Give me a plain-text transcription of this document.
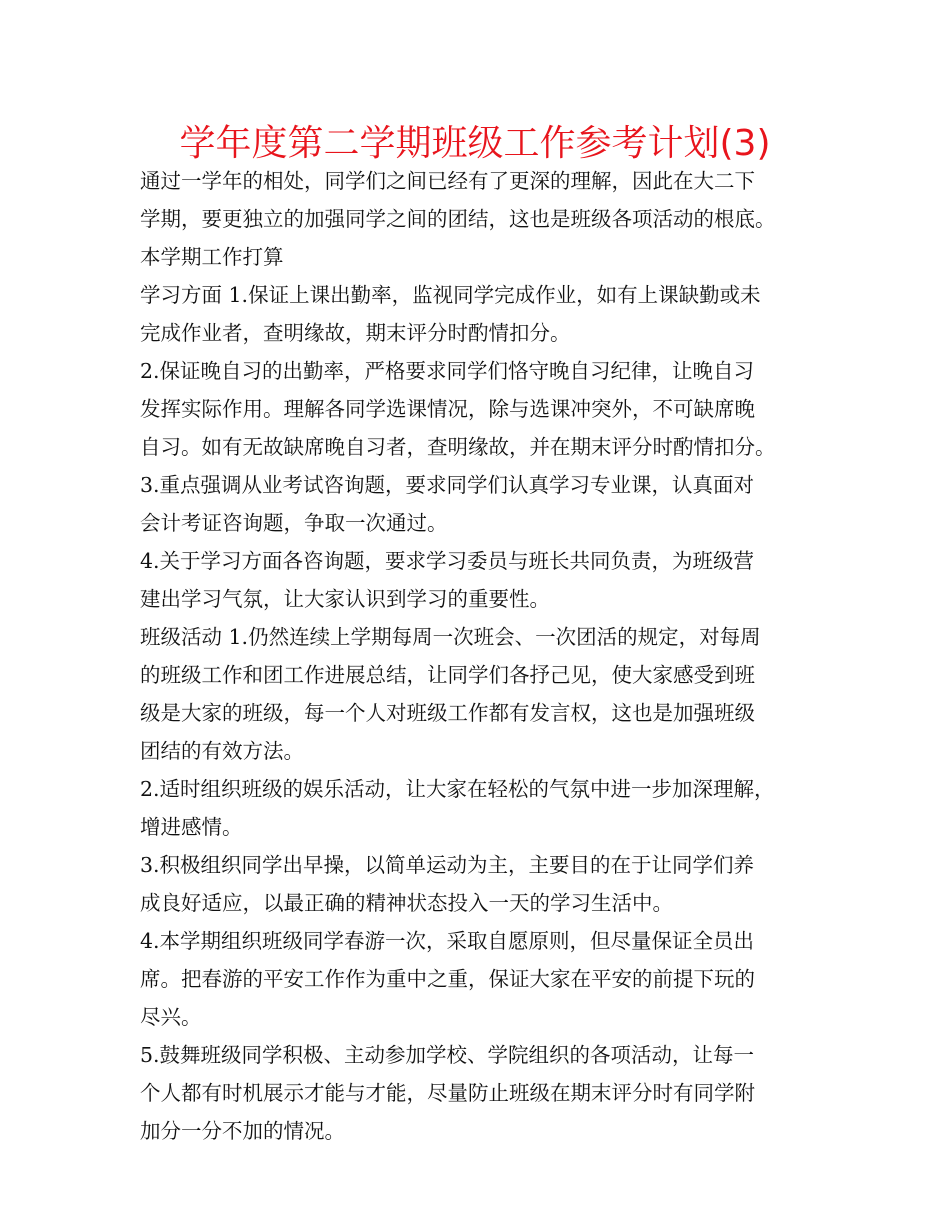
学年度第二学期班级工作参考计划(3)
通过一学年的相处，同学们之间已经有了更深的理解，因此在大二下
学期，要更独立的加强同学之间的团结，这也是班级各项活动的根底。
本学期工作打算
学习方面 1.保证上课出勤率，监视同学完成作业，如有上课缺勤或未
完成作业者，查明缘故，期末评分时酌情扣分。
2.保证晚自习的出勤率，严格要求同学们恪守晚自习纪律，让晚自习
发挥实际作用。理解各同学选课情况，除与选课冲突外，不可缺席晚
自习。如有无故缺席晚自习者，查明缘故，并在期末评分时酌情扣分。
3.重点强调从业考试咨询题，要求同学们认真学习专业课，认真面对
会计考证咨询题，争取一次通过。
4.关于学习方面各咨询题，要求学习委员与班长共同负责，为班级营
建出学习气氛，让大家认识到学习的重要性。
班级活动 1.仍然连续上学期每周一次班会、一次团活的规定，对每周
的班级工作和团工作进展总结，让同学们各抒己见，使大家感受到班
级是大家的班级，每一个人对班级工作都有发言权，这也是加强班级
团结的有效方法。
2.适时组织班级的娱乐活动，让大家在轻松的气氛中进一步加深理解，
增进感情。
3.积极组织同学出早操，以简单运动为主，主要目的在于让同学们养
成良好适应，以最正确的精神状态投入一天的学习生活中。
4.本学期组织班级同学春游一次，采取自愿原则，但尽量保证全员出
席。把春游的平安工作作为重中之重，保证大家在平安的前提下玩的
尽兴。
5.鼓舞班级同学积极、主动参加学校、学院组织的各项活动，让每一
个人都有时机展示才能与才能，尽量防止班级在期末评分时有同学附
加分一分不加的情况。
